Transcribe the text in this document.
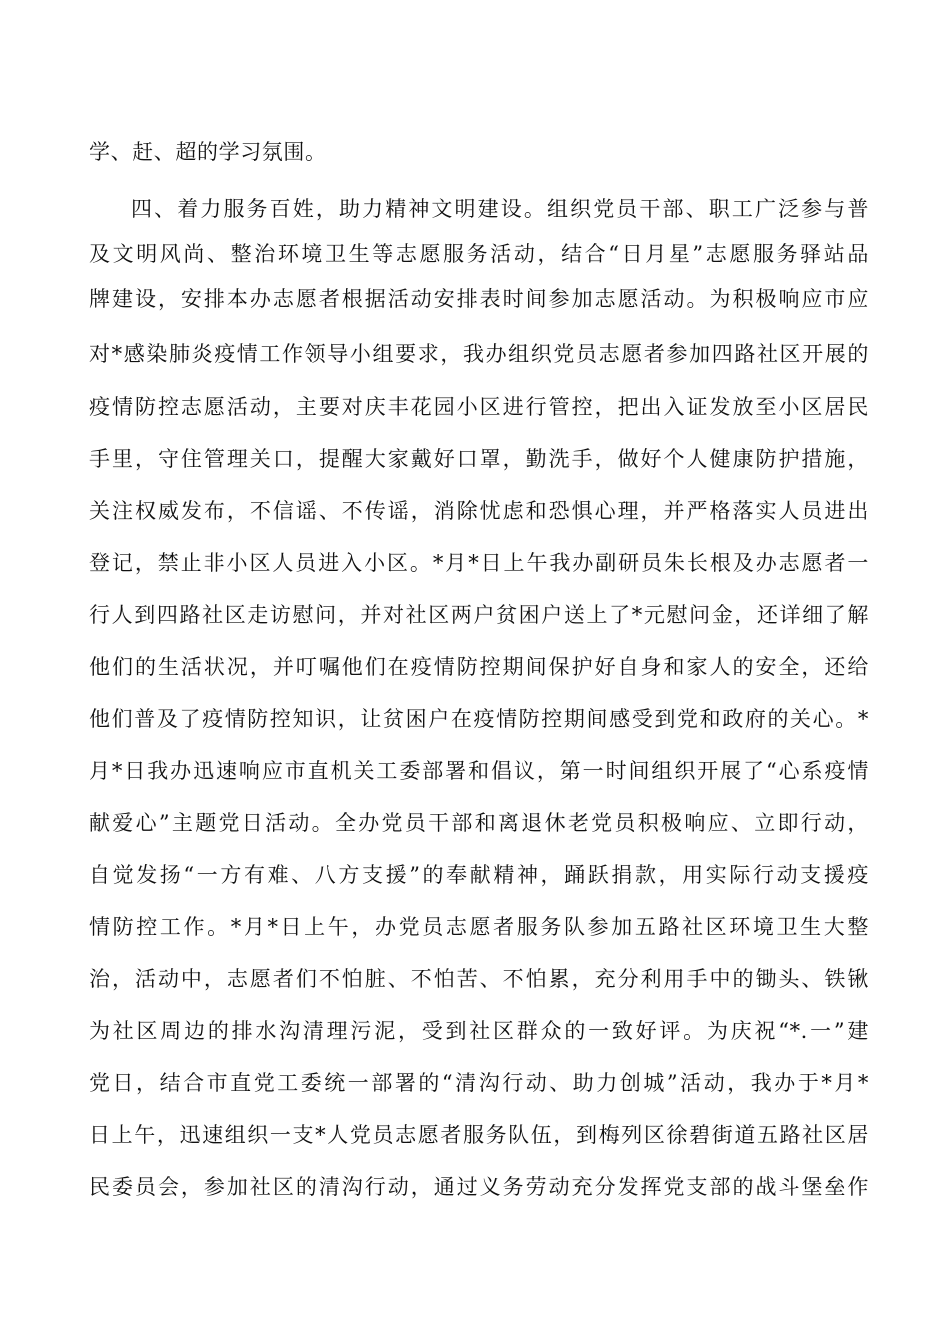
学、赶、超的学习氛围。
四、着力服务百姓，助力精神文明建设。组织党员干部、职工广泛参与普
及文明风尚、整治环境卫生等志愿服务活动，结合“日月星”志愿服务驿站品
牌建设，安排本办志愿者根据活动安排表时间参加志愿活动。为积极响应市应
对*感染肺炎疫情工作领导小组要求，我办组织党员志愿者参加四路社区开展的
疫情防控志愿活动，主要对庆丰花园小区进行管控，把出入证发放至小区居民
手里，守住管理关口，提醒大家戴好口罩，勤洗手，做好个人健康防护措施，
关注权威发布，不信谣、不传谣，消除忧虑和恐惧心理，并严格落实人员进出
登记，禁止非小区人员进入小区。*月*日上午我办副研员朱长根及办志愿者一
行人到四路社区走访慰问，并对社区两户贫困户送上了*元慰问金，还详细了解
他们的生活状况，并叮嘱他们在疫情防控期间保护好自身和家人的安全，还给
他们普及了疫情防控知识，让贫困户在疫情防控期间感受到党和政府的关心。*
月*日我办迅速响应市直机关工委部署和倡议，第一时间组织开展了“心系疫情
献爱心”主题党日活动。全办党员干部和离退休老党员积极响应、立即行动，
自觉发扬“一方有难、八方支援”的奉献精神，踊跃捐款，用实际行动支援疫
情防控工作。*月*日上午，办党员志愿者服务队参加五路社区环境卫生大整
治，活动中，志愿者们不怕脏、不怕苦、不怕累，充分利用手中的锄头、铁锹
为社区周边的排水沟清理污泥，受到社区群众的一致好评。为庆祝“*.一”建
党日，结合市直党工委统一部署的“清沟行动、助力创城”活动，我办于*月*
日上午，迅速组织一支*人党员志愿者服务队伍，到梅列区徐碧街道五路社区居
民委员会，参加社区的清沟行动，通过义务劳动充分发挥党支部的战斗堡垒作
